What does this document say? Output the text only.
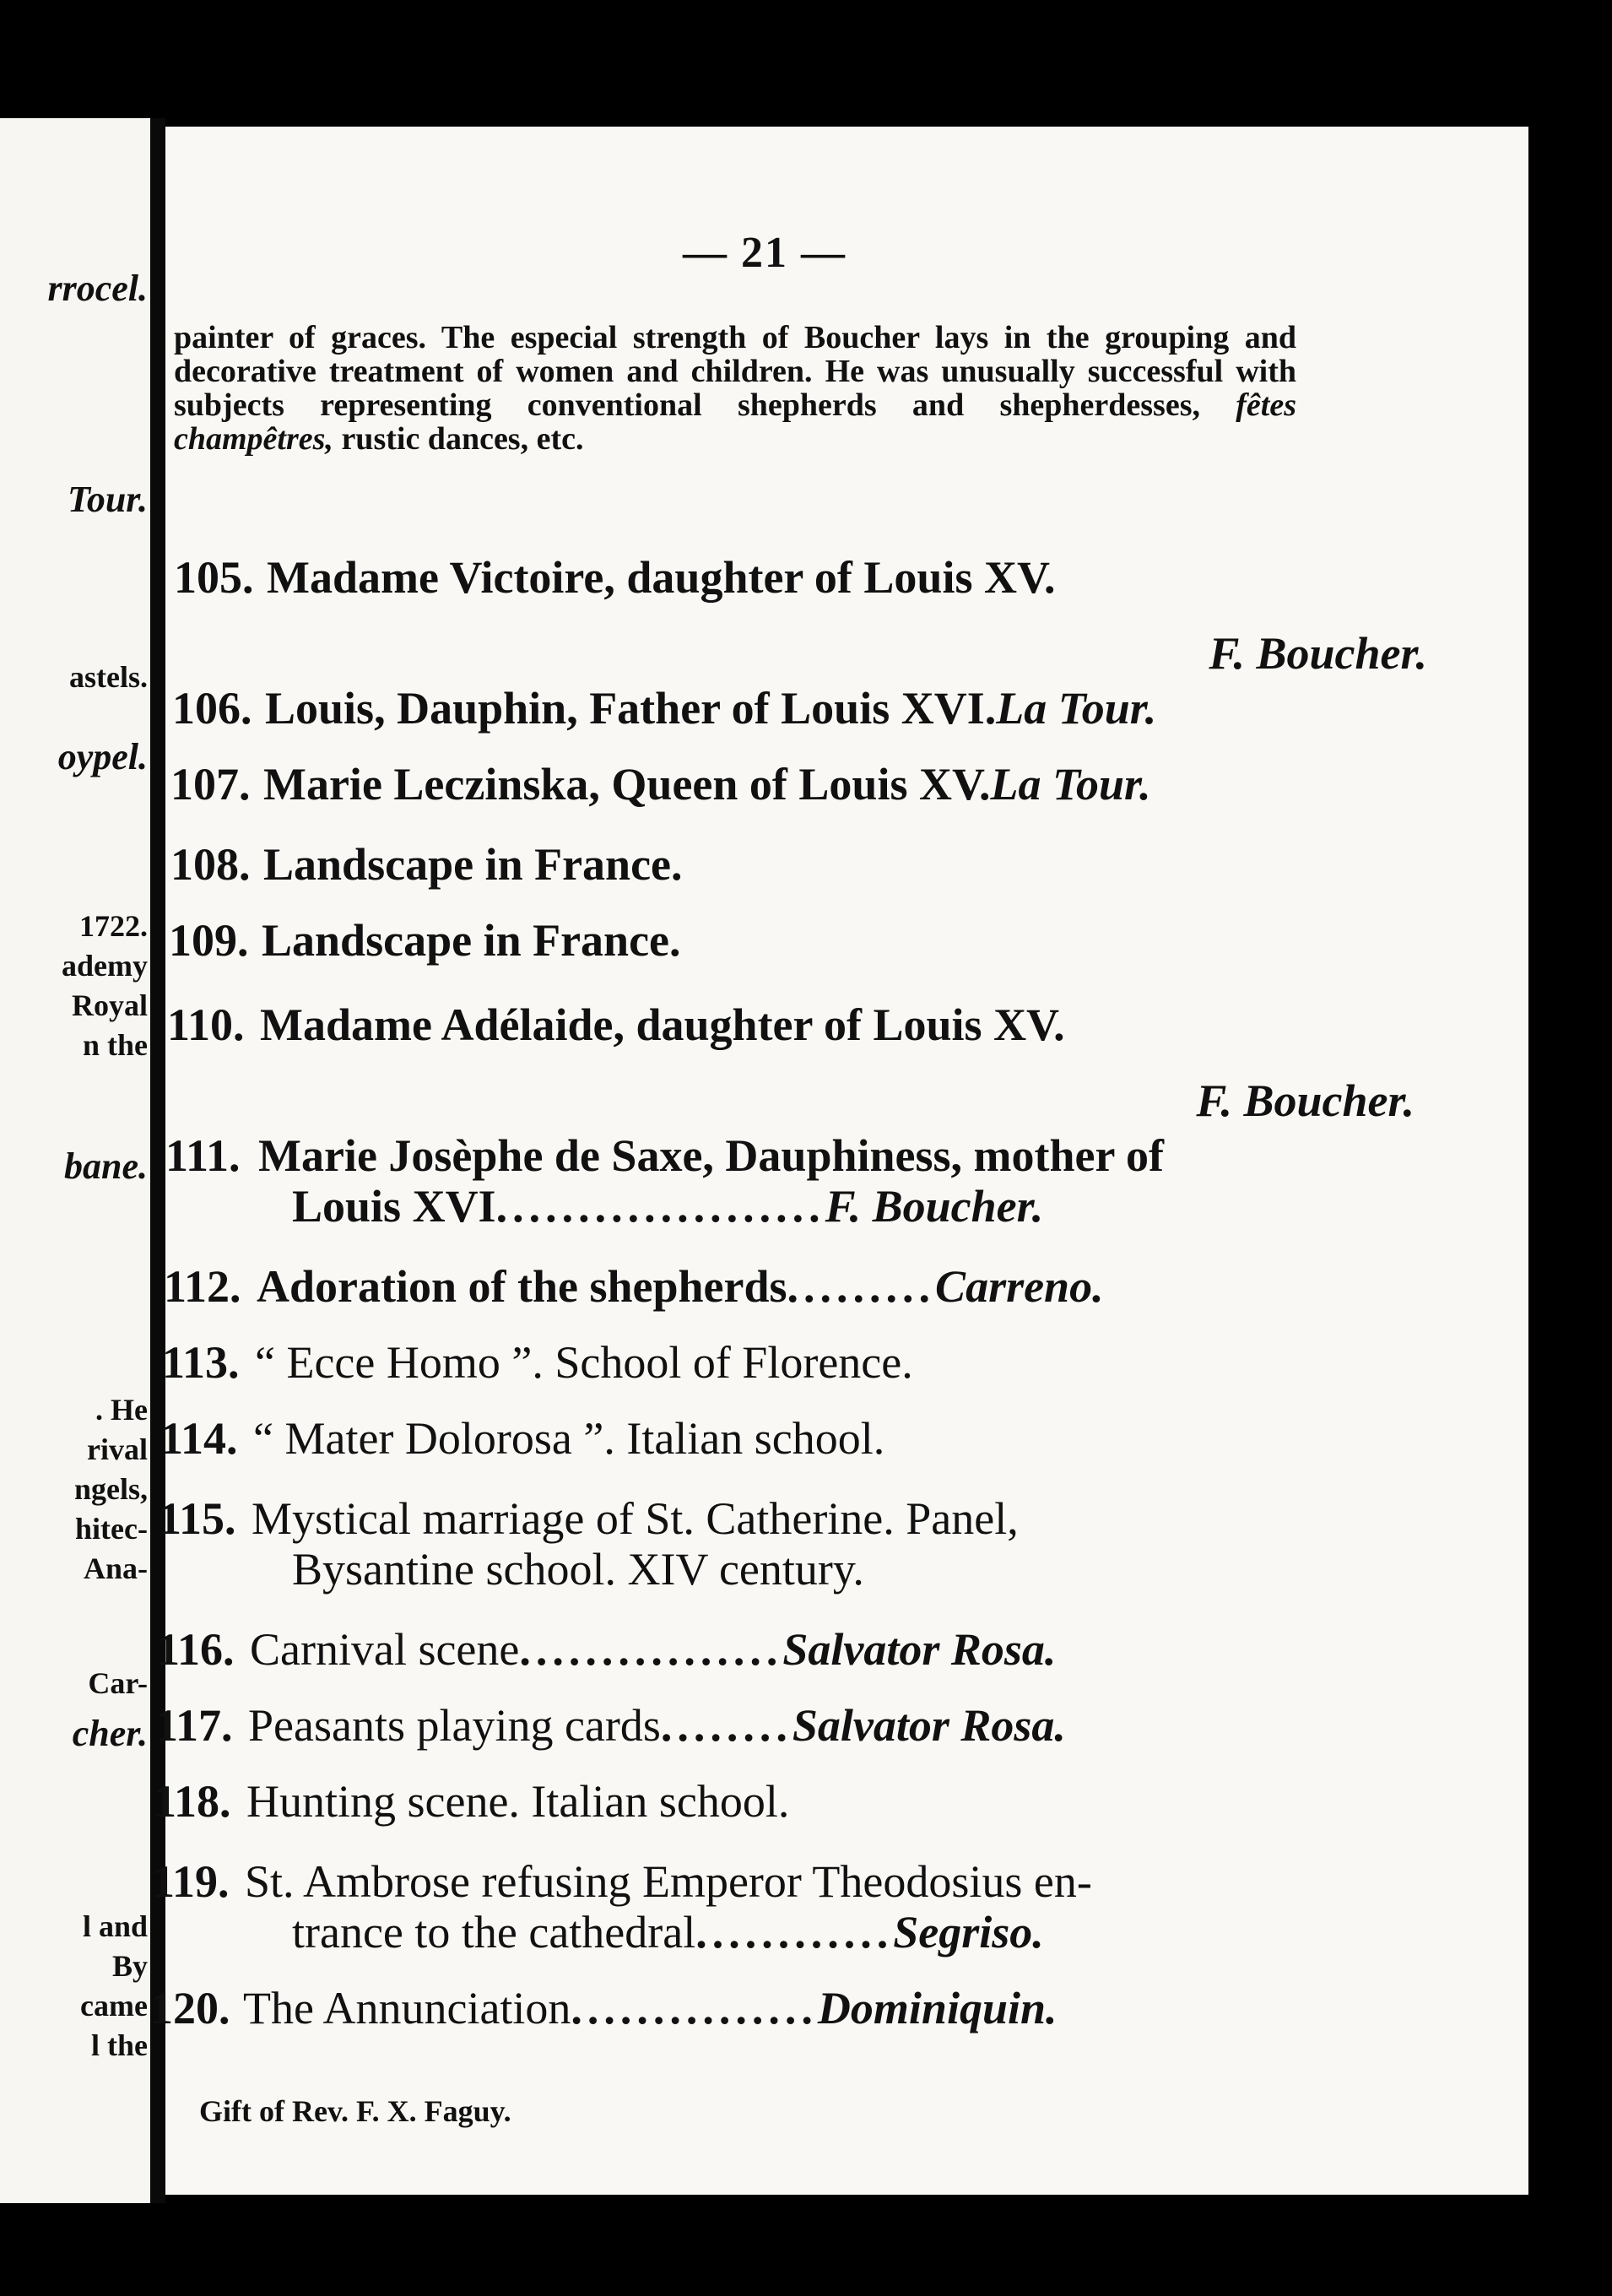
rrocel.
Tour.
astels.
oypel.
1722.
ademy
Royal
n the
bane.
. He
rival
ngels,
hitec-
Ana-
Car-
cher.
l and
By
came
l the
— 21 —
painter of graces. The especial strength of Boucher lays in the grouping and decorative treatment of women and children. He was unusually successful with subjects representing conventional shepherds and shepherdesses, fêtes champêtres, rustic dances, etc.
105. Madame Victoire, daughter of Louis XV.
F. Boucher.
106. Louis, Dauphin, Father of Louis XVI.La Tour.
107. Marie Leczinska, Queen of Louis XV.La Tour.
108. Landscape in France.
109. Landscape in France.
110. Madame Adélaide, daughter of Louis XV.
F. Boucher.
111. Marie Josèphe de Saxe, Dauphiness, mother of
Louis XVI....................F. Boucher.
112. Adoration of the shepherds.........Carreno.
113. “ Ecce Homo ”. School of Florence.
114. “ Mater Dolorosa ”. Italian school.
115. Mystical marriage of St. Catherine. Panel,
Bysantine school. XIV century.
116. Carnival scene................Salvator Rosa.
117. Peasants playing cards........Salvator Rosa.
118. Hunting scene. Italian school.
119. St. Ambrose refusing Emperor Theodosius en-
trance to the cathedral............Segriso.
120. The Annunciation...............Dominiquin.
Gift of Rev. F. X. Faguy.
